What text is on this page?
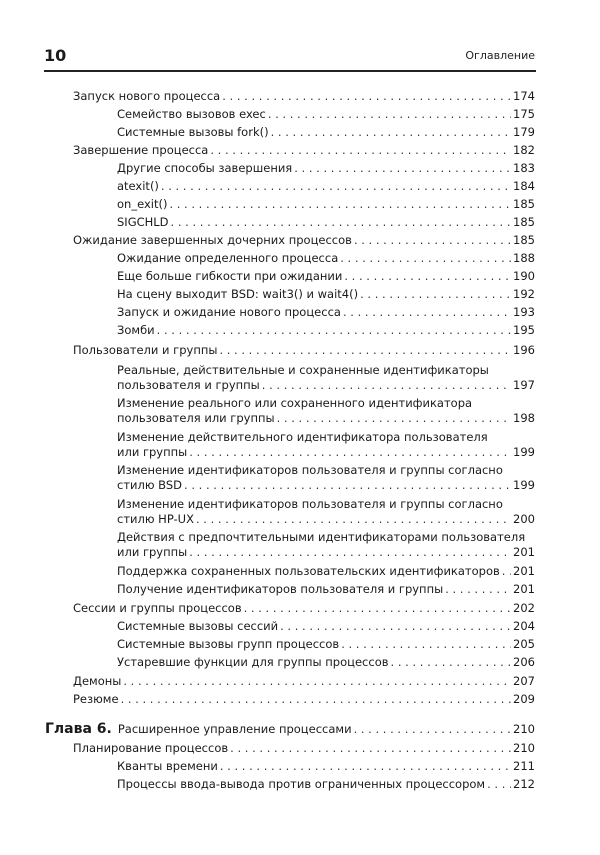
10	Оглавление
Запуск нового процесса . . .	174
Семейство вызовов exec . . .	175
Системные вызовы fork() . . .	179
Завершение процесса . . .	182
Другие способы завершения . . .	183
atexit() . . .	184
on_exit() . . .	185
SIGCHLD . . .	185
Ожидание завершенных дочерних процессов . . .	185
Ожидание определенного процесса . . .	188
Еще больше гибкости при ожидании . . .	190
На сцену выходит BSD: wait3() и wait4() . . .	192
Запуск и ожидание нового процесса . . .	193
Зомби . . .	195
Пользователи и группы . . .	196
Реальные, действительные и сохраненные идентификаторы
пользователя и группы . . .	197
Изменение реального или сохраненного идентификатора
пользователя или группы . . .	198
Изменение действительного идентификатора пользователя
или группы . . .	199
Изменение идентификаторов пользователя и группы согласно
стилю BSD . . .	199
Изменение идентификаторов пользователя и группы согласно
стилю HP-UX . . .	200
Действия с предпочтительными идентификаторами пользователя
или группы . . .	201
Поддержка сохраненных пользовательских идентификаторов . . . 201
Получение идентификаторов пользователя и группы . . .	201
Сессии и группы процессов . . .	202
Системные вызовы сессий . . .	204
Системные вызовы групп процессов . . .	205
Устаревшие функции для группы процессов . . .	206
Демоны . . .	207
Резюме . . .	209
Глава 6. Расширенное управление процессами . . .	210
Планирование процессов . . .	210
Кванты времени . . .	211
Процессы ввода-вывода против ограниченных процессором . . . 212
